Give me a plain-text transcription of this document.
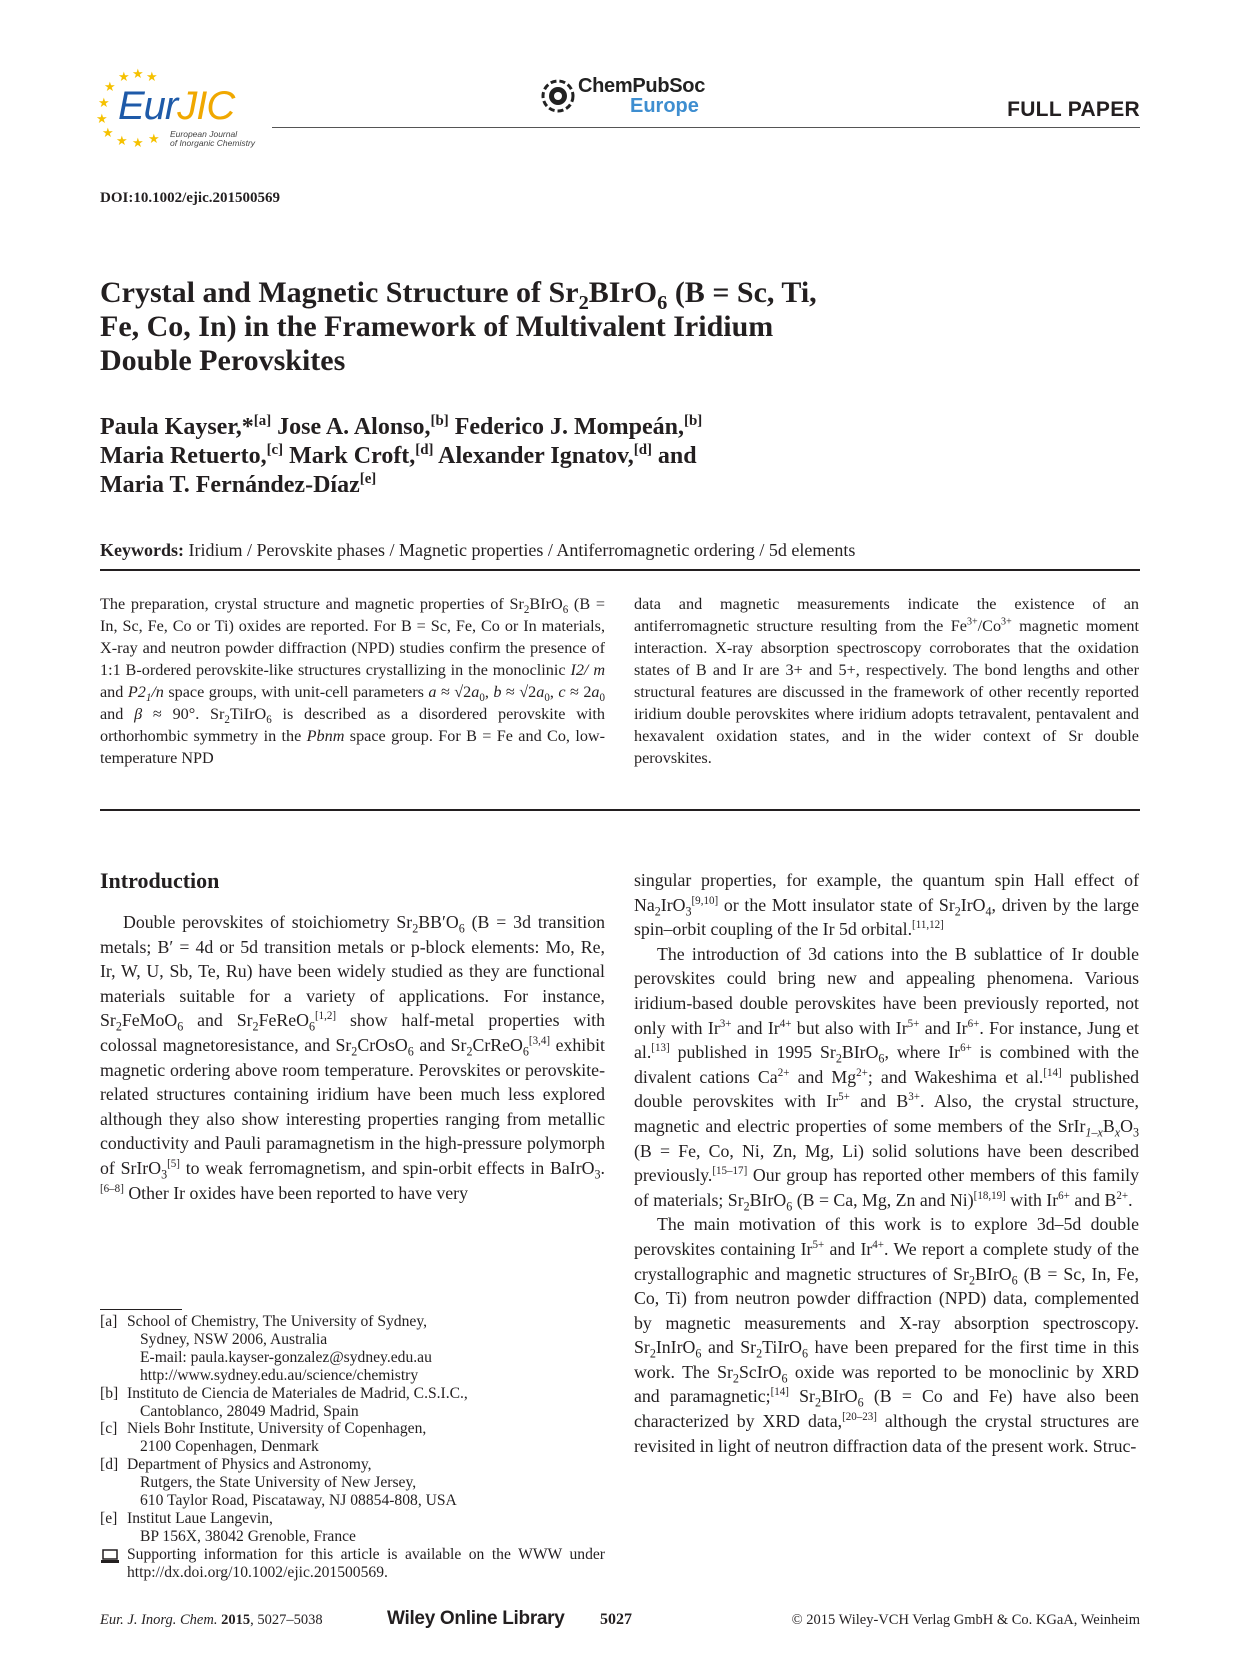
★ ★ ★
★
★
★
★
★ ★ ★
EurJIC
European Journal
of Inorganic Chemistry
ChemPubSoc
Europe	FULL PAPER
DOI:10.1002/ejic.201500569
Crystal and Magnetic Structure of $Sr_2BIrO_6$ (B = Sc, Ti,
Fe, Co, In) in the Framework of Multivalent Iridium
Double Perovskites
Paula Kayser,*[a] Jose A. Alonso,[b] Federico J. Mompeán,[b]
Maria Retuerto,[c] Mark Croft,[d] Alexander Ignatov,[d] and
Maria T. Fernández-Díaz[e]
Keywords: Iridium / Perovskite phases / Magnetic properties / Antiferromagnetic ordering / 5d elements
The preparation, crystal structure and magnetic properties of $Sr_2BIrO_6$ (B = In, Sc, Fe, Co or Ti) oxides are reported. For B = Sc, Fe, Co or In materials, X-ray and neutron powder diffraction (NPD) studies confirm the presence of 1:1 B-ordered perovskite-like structures crystallizing in the monoclinic I2/ m and $P2_1/n$ space groups, with unit-cell parameters $a \approx √2a_0$, $b \approx √2a_0$, $c \approx 2a_0$ and β ≈ 90°. $Sr_2TiIrO_6$ is described as a disordered perovskite with orthorhombic symmetry in the Pbnm space group. For B = Fe and Co, low-temperature NPD
data and magnetic measurements indicate the existence of an antiferromagnetic structure resulting from the $Fe^{3+}/Co^{3+}$ magnetic moment interaction. X-ray absorption spectroscopy corroborates that the oxidation states of B and Ir are 3+ and 5+, respectively. The bond lengths and other structural features are discussed in the framework of other recently reported iridium double perovskites where iridium adopts tetravalent, pentavalent and hexavalent oxidation states, and in the wider context of Sr double perovskites.
Introduction

Double perovskites of stoichiometry $Sr_2BB'O_6$ (B = 3d transition metals; B′ = 4d or 5d transition metals or p-block elements: Mo, Re, Ir, W, U, Sb, Te, Ru) have been widely studied as they are functional materials suitable for a variety of applications. For instance, $Sr_2FeMoO_6$ and $Sr_2FeReO_6[1,2]$ show half-metal properties with colossal magnetoresistance, and $Sr_2CrOsO_6$ and $Sr_2CrReO_6[3,4]$ exhibit magnetic ordering above room temperature. Perovskites or perovskite-related structures containing iridium have been much less explored although they also show interesting properties ranging from metallic conductivity and Pauli paramagnetism in the high-pressure polymorph of SrIrO$_3$[5] to weak ferromagnetism, and spin-orbit effects in BaIrO$_3$.[6–8] Other Ir oxides have been reported to have very

singular properties, for example, the quantum spin Hall effect of $Na_2IrO_3[9,10]$ or the Mott insulator state of $Sr_2IrO_4$, driven by the large spin–orbit coupling of the Ir 5d orbital.[11,12]

The introduction of 3d cations into the B sublattice of Ir double perovskites could bring new and appealing phenomena. Various iridium-based double perovskites have been previously reported, not only with $Ir^{3+}$ and $Ir^{4+}$ but also with $Ir^{5+}$ and $Ir^{6+}$. For instance, Jung et al.[13] published in 1995 $Sr_2BIrO_6$, where $Ir^{6+}$ is combined with the divalent cations $Ca^{2+}$ and $Mg^{2+}$; and Wakeshima et al.[14] published double perovskites with $Ir^{5+}$ and $B^{3+}$. Also, the crystal structure, magnetic and electric properties of some members of the $SrIr_{1-x}B_xO_3$ (B = Fe, Co, Ni, Zn, Mg, Li) solid solutions have been described previously.[15–17] Our group has reported other members of this family of materials; $Sr_2BIrO_6$ (B = Ca, Mg, Zn and Ni)[18,19] with $Ir^{6+}$ and $B^{2+}$.

The main motivation of this work is to explore 3d–5d double perovskites containing $Ir^{5+}$ and $Ir^{4+}$. We report a complete study of the crystallographic and magnetic structures of $Sr_2BIrO_6$ (B = Sc, In, Fe, Co, Ti) from neutron powder diffraction (NPD) data, complemented by magnetic measurements and X-ray absorption spectroscopy. $Sr_2InIrO_6$ and $Sr_2TiIrO_6$ have been prepared for the first time in this work. The $Sr_2ScIrO_6$ oxide was reported to be monoclinic by XRD and paramagnetic;[14] $Sr_2BIrO_6$ (B = Co and Fe) have also been characterized by XRD data,[20–23] although the crystal structures are revisited in light of neutron diffraction data of the present work. Struc-

[a] School of Chemistry, The University of Sydney,
Sydney, NSW 2006, Australia
E-mail: paula.kayser-gonzalez@sydney.edu.au
http://www.sydney.edu.au/science/chemistry
[b] Instituto de Ciencia de Materiales de Madrid, C.S.I.C.,
Cantoblanco, 28049 Madrid, Spain
[c] Niels Bohr Institute, University of Copenhagen,
2100 Copenhagen, Denmark
[d] Department of Physics and Astronomy,
Rutgers, the State University of New Jersey,
610 Taylor Road, Piscataway, NJ 08854-808, USA
[e] Institut Laue Langevin,
BP 156X, 38042 Grenoble, France
Supporting information for this article is available on the WWW under http://dx.doi.org/10.1002/ejic.201500569.
Eur. J. Inorg. Chem. 2015, 5027–5038	Wiley Online Library 5027	© 2015 Wiley-VCH Verlag GmbH & Co. KGaA, Weinheim
